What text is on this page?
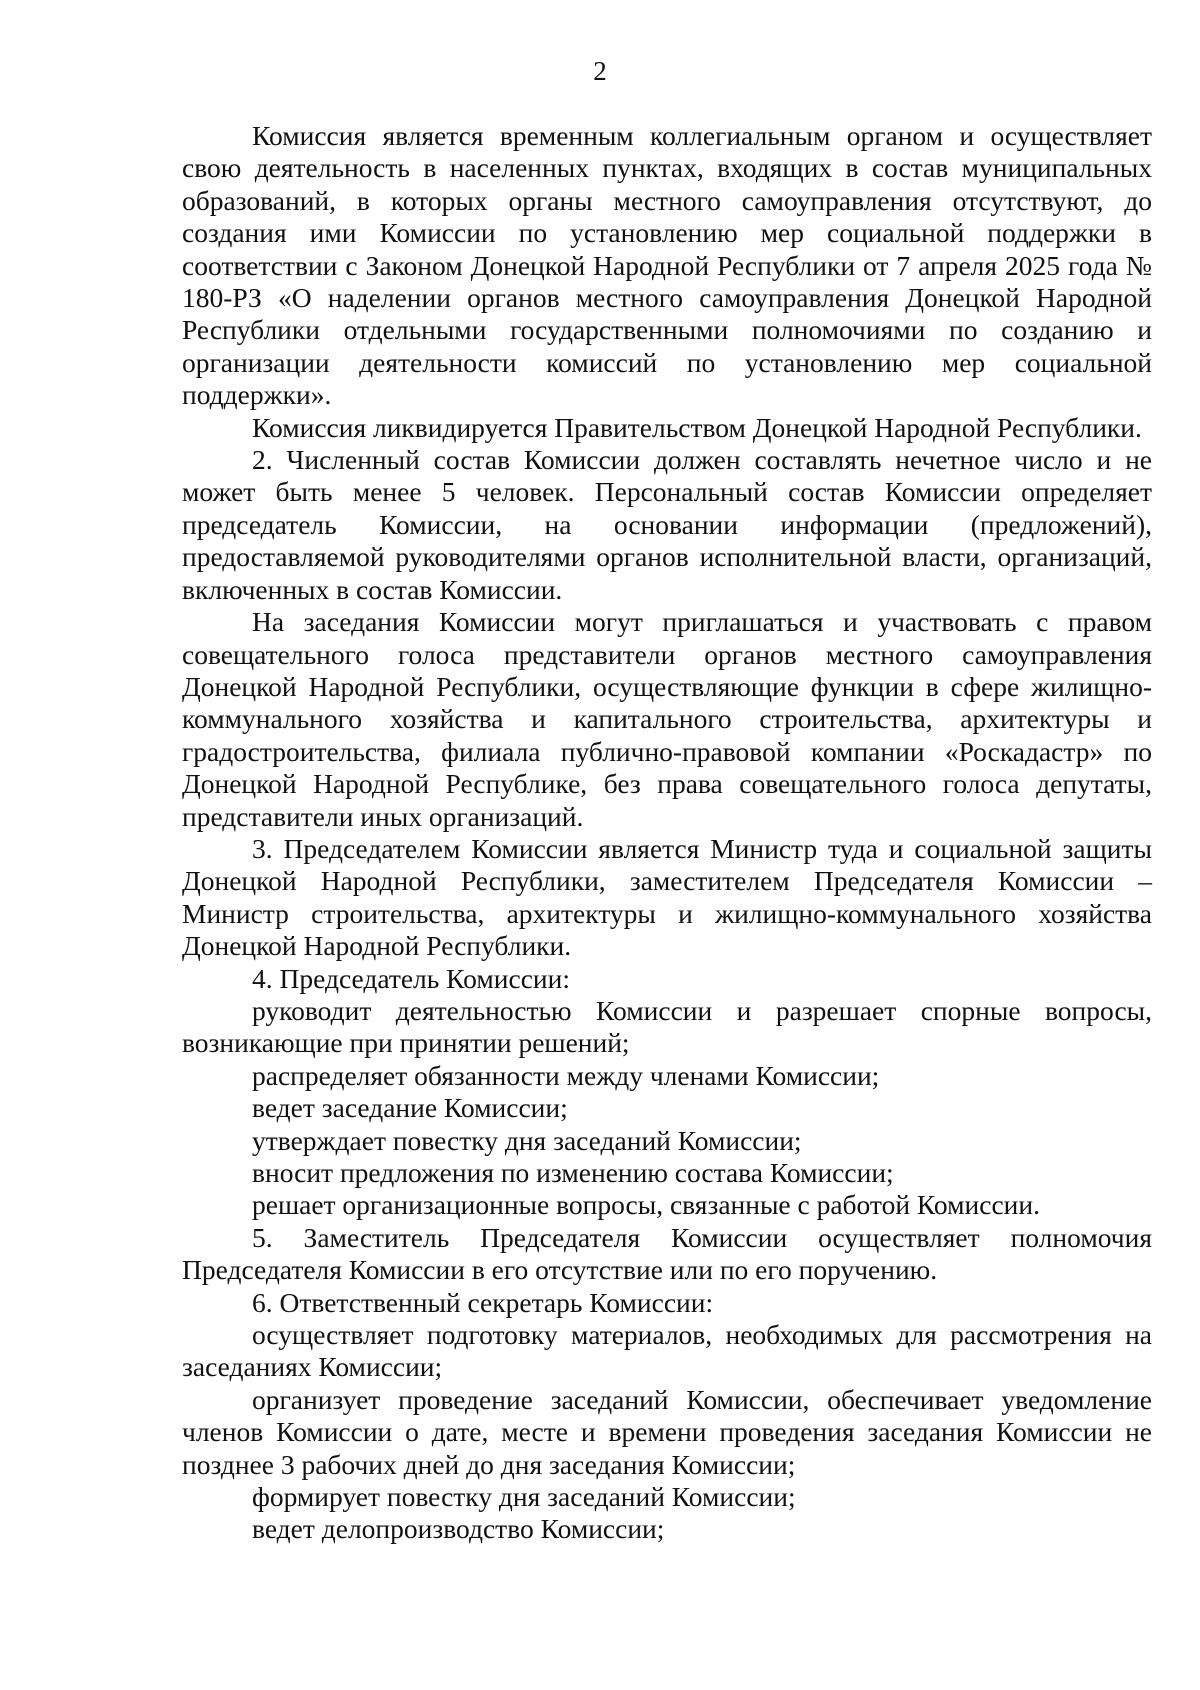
2

Комиссия является временным коллегиальным органом и осуществляет свою деятельность в населенных пунктах, входящих в состав муниципальных образований, в которых органы местного самоуправления отсутствуют, до создания ими Комиссии по установлению мер социальной поддержки в соответствии с Законом Донецкой Народной Республики от 7 апреля 2025 года № 180-РЗ «О наделении органов местного самоуправления Донецкой Народной Республики отдельными государственными полномочиями по созданию и организации деятельности комиссий по установлению мер социальной поддержки».

Комиссия ликвидируется Правительством Донецкой Народной Республики.

2. Численный состав Комиссии должен составлять нечетное число и не может быть менее 5 человек. Персональный состав Комиссии определяет председатель Комиссии, на основании информации (предложений), предоставляемой руководителями органов исполнительной власти, организаций, включенных в состав Комиссии.

На заседания Комиссии могут приглашаться и участвовать с правом совещательного голоса представители органов местного самоуправления Донецкой Народной Республики, осуществляющие функции в сфере жилищно-коммунального хозяйства и капитального строительства, архитектуры и градостроительства, филиала публично-правовой компании «Роскадастр» по Донецкой Народной Республике, без права совещательного голоса депутаты, представители иных организаций.

3. Председателем Комиссии является Министр туда и социальной защиты Донецкой Народной Республики, заместителем Председателя Комиссии – Министр строительства, архитектуры и жилищно-коммунального хозяйства Донецкой Народной Республики.

4. Председатель Комиссии:

руководит деятельностью Комиссии и разрешает спорные вопросы, возникающие при принятии решений;

распределяет обязанности между членами Комиссии;

ведет заседание Комиссии;

утверждает повестку дня заседаний Комиссии;

вносит предложения по изменению состава Комиссии;

решает организационные вопросы, связанные с работой Комиссии.

5. Заместитель Председателя Комиссии осуществляет полномочия Председателя Комиссии в его отсутствие или по его поручению.

6. Ответственный секретарь Комиссии:

осуществляет подготовку материалов, необходимых для рассмотрения на заседаниях Комиссии;

организует проведение заседаний Комиссии, обеспечивает уведомление членов Комиссии о дате, месте и времени проведения заседания Комиссии не позднее 3 рабочих дней до дня заседания Комиссии;

формирует повестку дня заседаний Комиссии;

ведет делопроизводство Комиссии;
